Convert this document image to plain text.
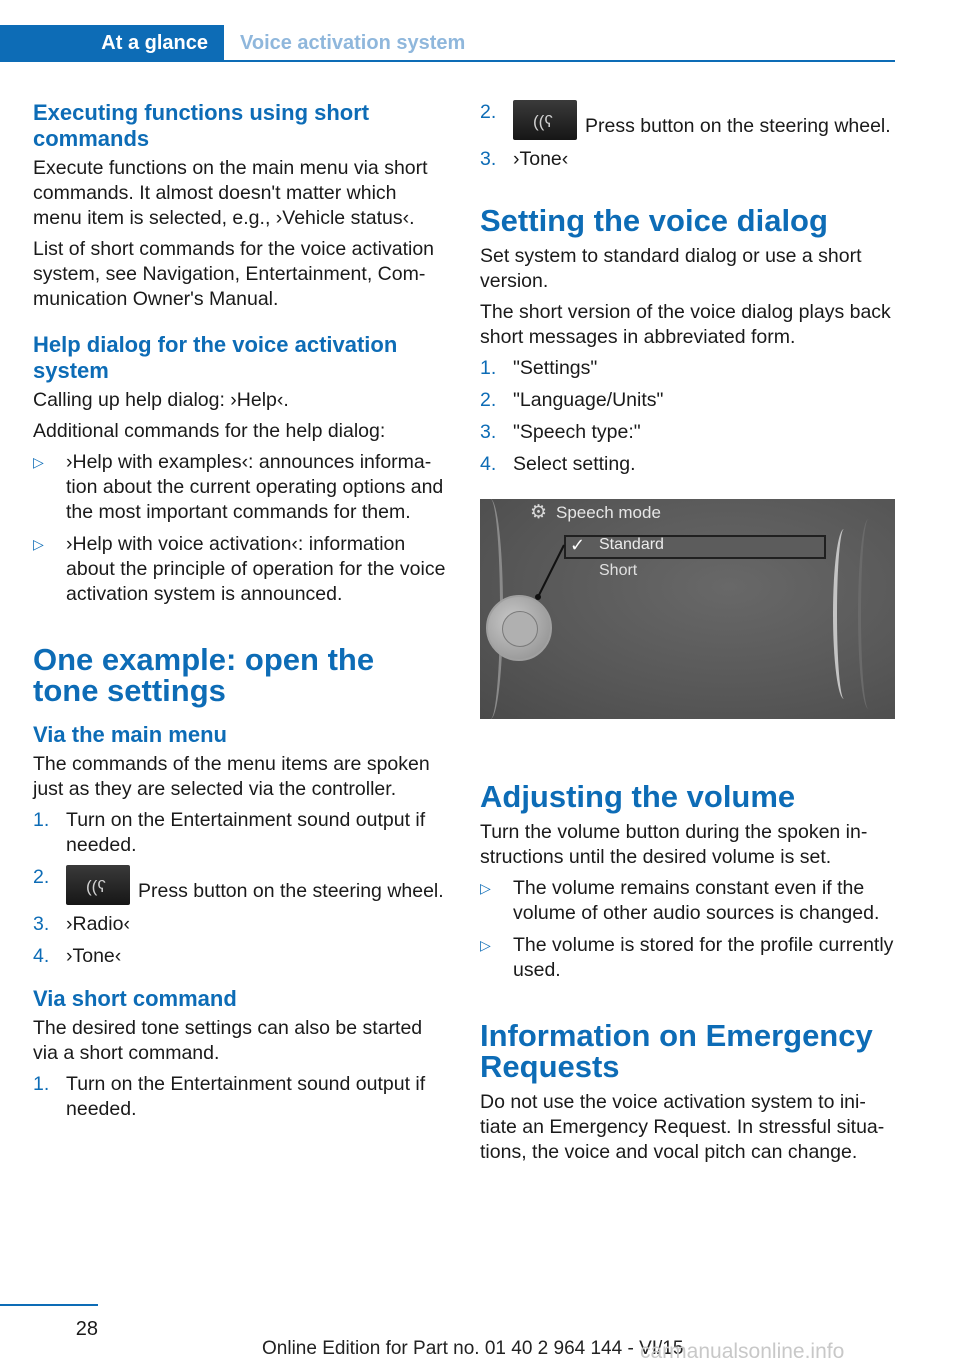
At a glance	Voice activation system
Executing functions using short commands

Execute functions on the main menu via short commands. It almost doesn't matter which menu item is selected, e.g., ›Vehicle status‹.

List of short commands for the voice activation system, see Navigation, Entertainment, Communication Owner's Manual.

Help dialog for the voice activation system

Calling up help dialog: ›Help‹.

Additional commands for the help dialog:

▷ ›Help with examples‹: announces information about the current operating options and the most important commands for them.
▷ ›Help with voice activation‹: information about the principle of operation for the voice activation system is announced.
One example: open the tone settings
Via the main menu

The commands of the menu items are spoken just as they are selected via the controller.

1. Turn on the Entertainment sound output if needed.
2. ((ʕ Press button on the steering wheel.
3. ›Radio‹
4. ›Tone‹
Via short command

The desired tone settings can also be started via a short command.

1. Turn on the Entertainment sound output if needed.
2. ((ʕ Press button on the steering wheel.
3. ›Tone‹
Setting the voice dialog

Set system to standard dialog or use a short version.

The short version of the voice dialog plays back short messages in abbreviated form.

1. "Settings"
2. "Language/Units"
3. "Speech type:"
4. Select setting.
⚙ Speech mode
✓ Standard
Short
Adjusting the volume

Turn the volume button during the spoken instructions until the desired volume is set.

▷ The volume remains constant even if the volume of other audio sources is changed.
▷ The volume is stored for the profile currently used.
Information on Emergency Requests

Do not use the voice activation system to initiate an Emergency Request. In stressful situations, the voice and vocal pitch can change.

28
Online Edition for Part no. 01 40 2 964 144 - VI/15
carmanualsonline.info
